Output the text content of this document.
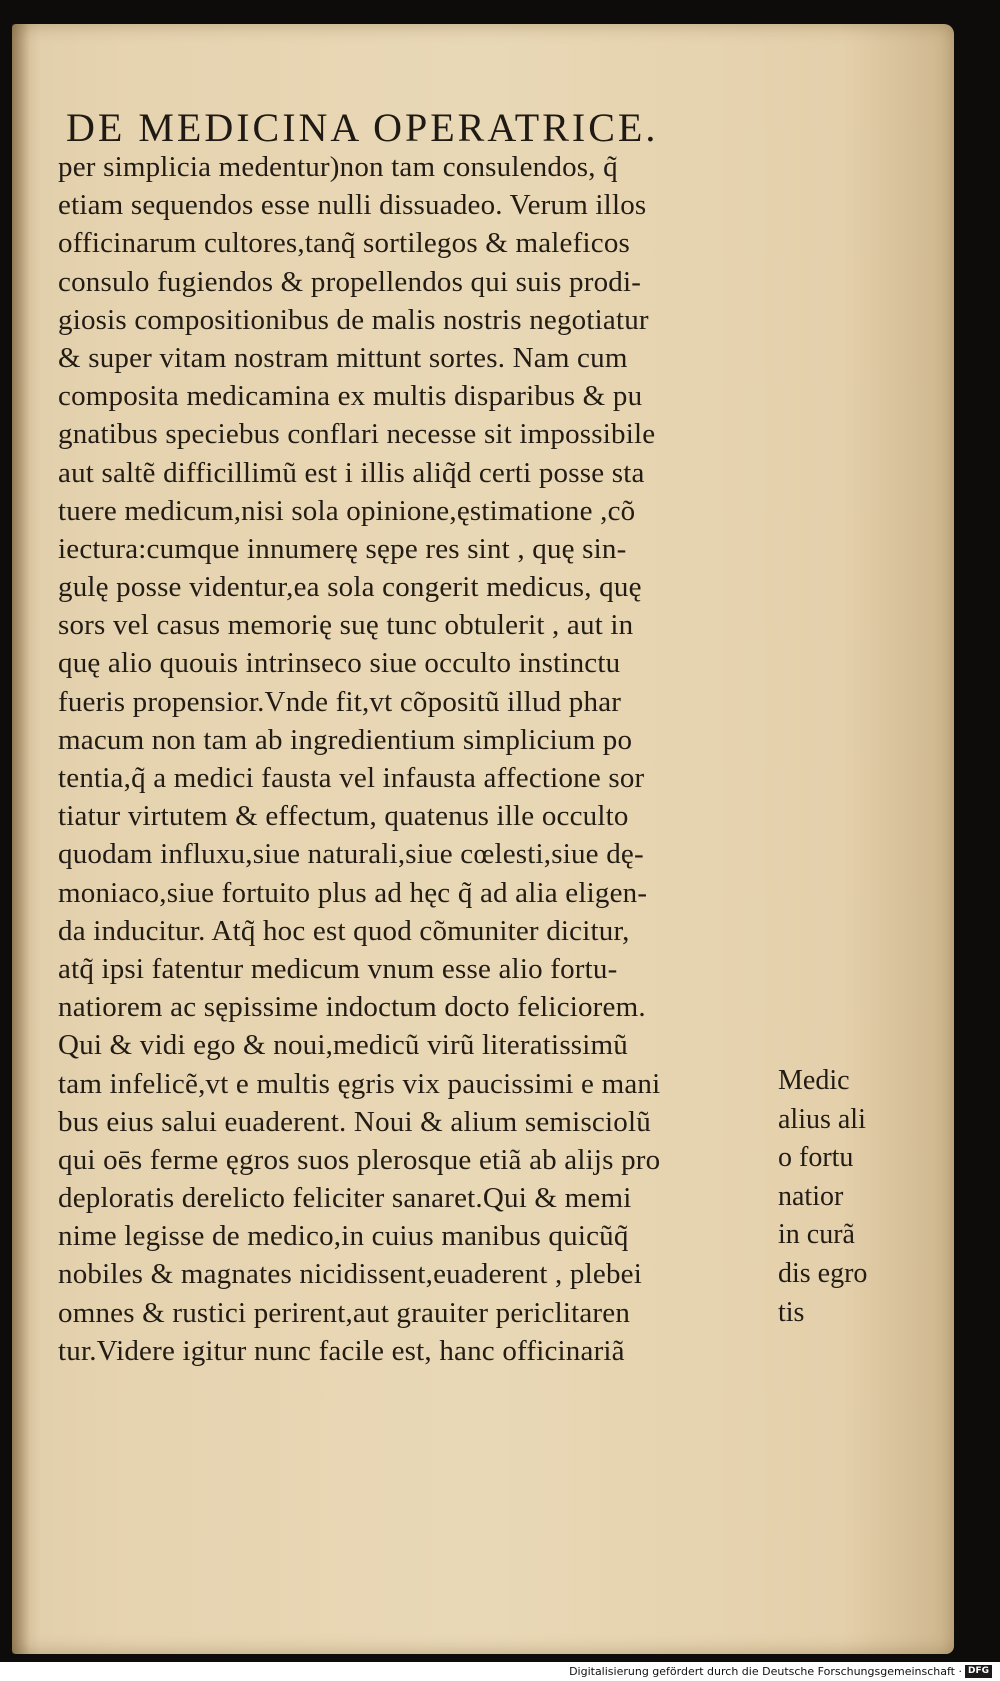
DE MEDICINA OPERATRICE.
per simplicia medentur)non tam consulendos, q̃
etiam sequendos esse nulli dissuadeo. Verum illos
officinarum cultores,tanq̃ sortilegos & maleficos
consulo fugiendos & propellendos qui suis prodi-
giosis compositionibus de malis nostris negotiatur
& super vitam nostram mittunt sortes. Nam cum
composita medicamina ex multis disparibus & pu
gnatibus speciebus conflari necesse sit impossibile
aut saltẽ difficillimũ est i illis aliq̃d certi posse sta
tuere medicum,nisi sola opinione,ęstimatione ,cõ
iectura:cumque innumerę sępe res sint , quę sin-
gulę posse videntur,ea sola congerit medicus, quę
sors vel casus memorię suę tunc obtulerit , aut in
quę alio quouis intrinseco siue occulto instinctu
fueris propensior.Vnde fit,vt cõpositũ illud phar
macum non tam ab ingredientium simplicium po
tentia,q̃ a medici fausta vel infausta affectione sor
tiatur virtutem & effectum, quatenus ille occulto
quodam influxu,siue naturali,siue cœlesti,siue dę-
moniaco,siue fortuito plus ad hęc q̃ ad alia eligen-
da inducitur. Atq̃ hoc est quod cõmuniter dicitur,
atq̃ ipsi fatentur medicum vnum esse alio fortu-
natiorem ac sępissime indoctum docto feliciorem.
Qui & vidi ego & noui,medicũ virũ literatissimũ
tam infelicẽ,vt e multis ęgris vix paucissimi e mani
bus eius salui euaderent. Noui & alium semisciolũ
qui oēs ferme ęgros suos plerosque etiã ab alijs pro
deploratis derelicto feliciter sanaret.Qui & memi
nime legisse de medico,in cuius manibus quicũq̃
nobiles & magnates nicidissent,euaderent , plebei
omnes & rustici perirent,aut grauiter periclitaren
tur.Videre igitur nunc facile est, hanc officinariã
Medic᷒
alius ali
o fortu
natior
in curã
dis egro
tis
Digitalisierung gefördert durch die Deutsche Forschungsgemeinschaft · DFG
